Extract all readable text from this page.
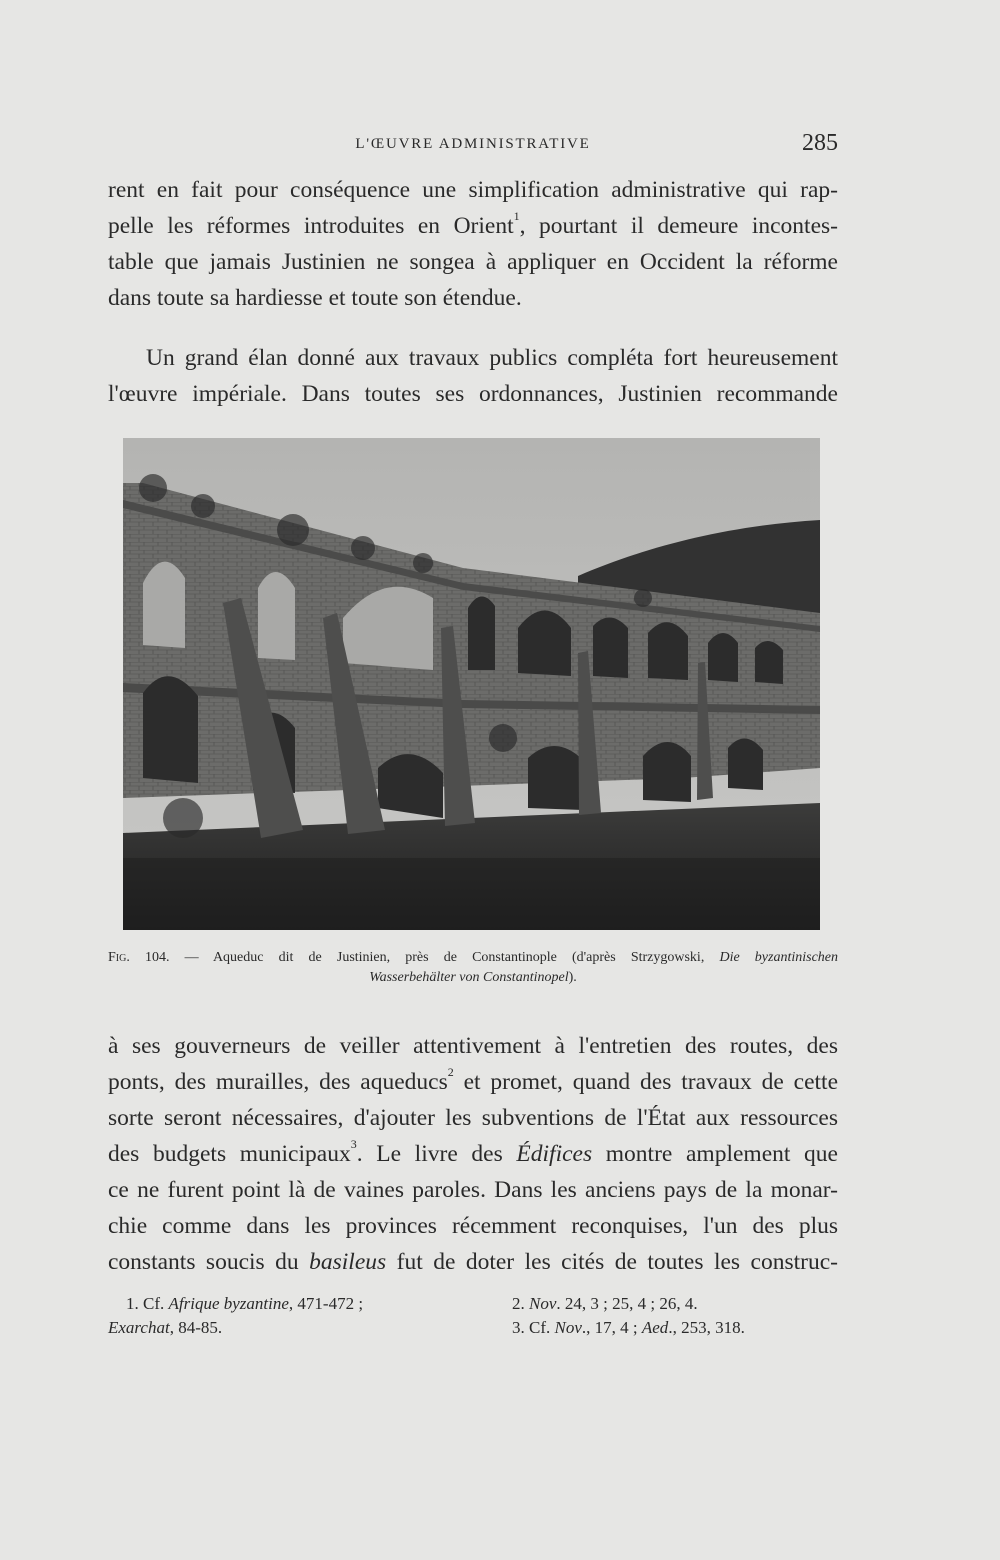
L'ŒUVRE ADMINISTRATIVE	285
rent en fait pour conséquence une simplification administrative qui rap-
pelle les réformes introduites en Orient$^1$, pourtant il demeure incontes-
table que jamais Justinien ne songea à appliquer en Occident la réforme
dans toute sa hardiesse et toute son étendue.
Un grand élan donné aux travaux publics compléta fort heureusement
l'œuvre impériale. Dans toutes ses ordonnances, Justinien recommande
Fig. 104. — Aqueduc dit de Justinien, près de Constantinople (d'après Strzygowski, Die byzantinischen
Wasserbehälter von Constantinopel).
à ses gouverneurs de veiller attentivement à l'entretien des routes, des
ponts, des murailles, des aqueducs$^2$ et promet, quand des travaux de cette
sorte seront nécessaires, d'ajouter les subventions de l'État aux ressources
des budgets municipaux$^3$. Le livre des Édifices montre amplement que
ce ne furent point là de vaines paroles. Dans les anciens pays de la monar-
chie comme dans les provinces récemment reconquises, l'un des plus
constants soucis du basileus fut de doter les cités de toutes les construc-
1. Cf. Afrique byzantine, 471-472 ;
Exarchat, 84-85.
2. Nov. 24, 3 ; 25, 4 ; 26, 4.
3. Cf. Nov., 17, 4 ; Aed., 253, 318.
